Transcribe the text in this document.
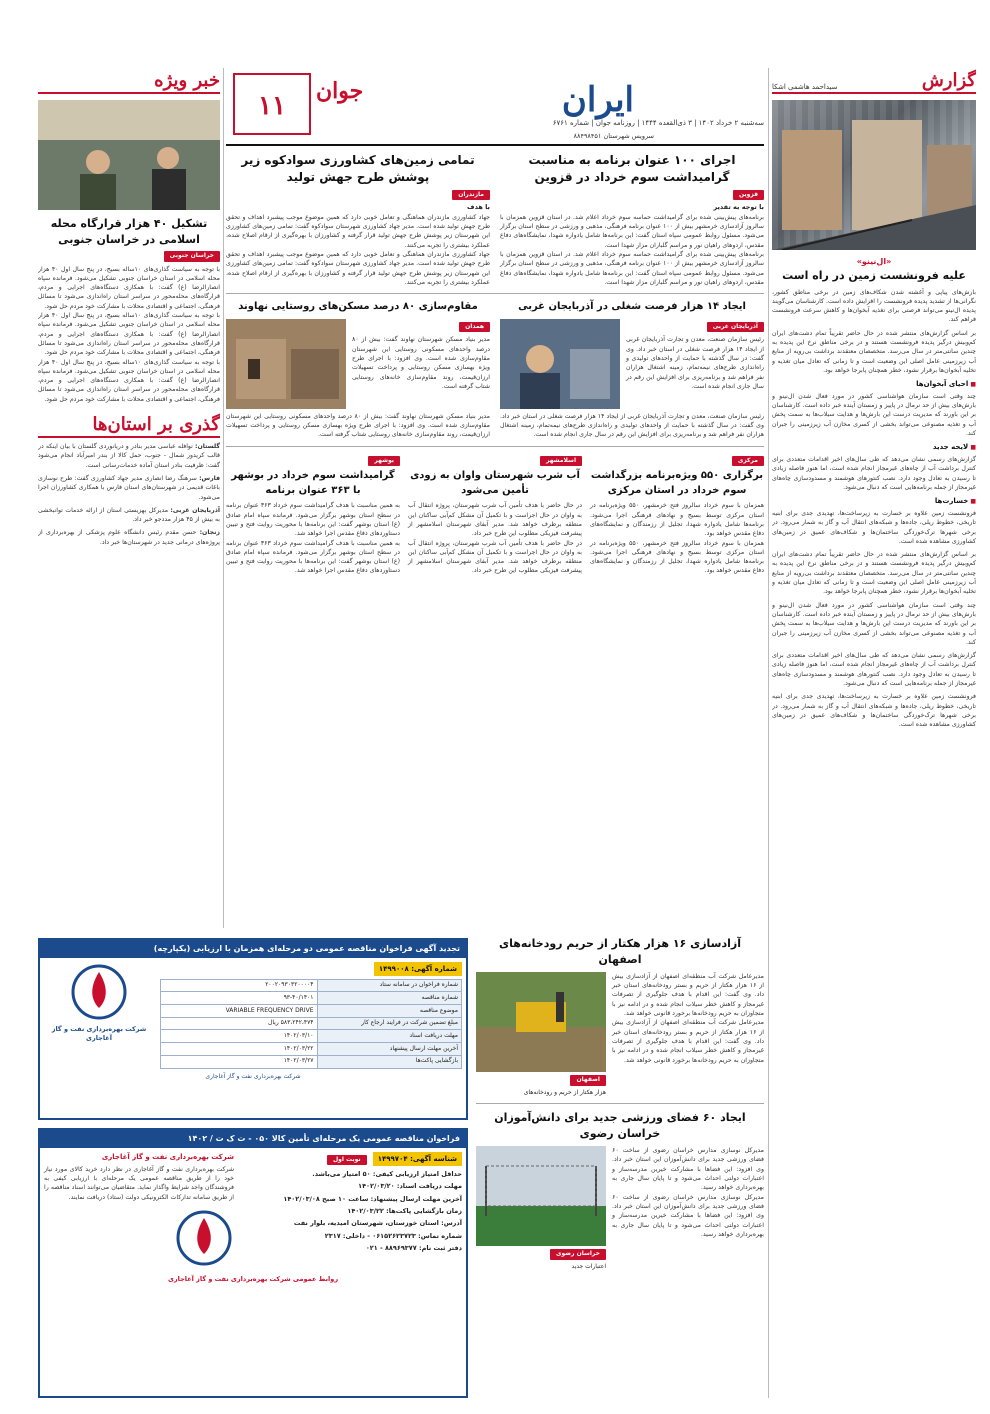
گزارش
سیداحمد هاشمی اشکا
«ال‌نینو»
علیه فرونشست زمین در راه است

بارش‌های پیاپی و آغشته شدن شکاف‌های زمین در برخی مناطق کشور، نگرانی‌ها از تشدید پدیده فرونشست را افزایش داده است. کارشناسان می‌گویند پدیده ال‌نینو می‌تواند فرصتی برای تغذیه آبخوان‌ها و کاهش سرعت فرونشست فراهم کند.

بر اساس گزارش‌های منتشر شده در حال حاضر تقریباً تمام دشت‌های ایران کم‌وبیش درگیر پدیده فرونشست هستند و در برخی مناطق نرخ این پدیده به چندین سانتی‌متر در سال می‌رسد. متخصصان معتقدند برداشت بی‌رویه از منابع آب زیرزمینی عامل اصلی این وضعیت است و تا زمانی که تعادل میان تغذیه و تخلیه آبخوان‌ها برقرار نشود، خطر همچنان پابرجا خواهد بود.

■ احیای آبخوان‌ها

چند وقتی است سازمان هواشناسی کشور در مورد فعال شدن ال‌نینو و بارش‌های بیش از حد نرمال در پاییز و زمستان آینده خبر داده است. کارشناسان بر این باورند که مدیریت درست این بارش‌ها و هدایت سیلاب‌ها به سمت پخش آب و تغذیه مصنوعی می‌تواند بخشی از کسری مخازن آب زیرزمینی را جبران کند.

■ لایحه جدید

گزارش‌های رسمی نشان می‌دهد که طی سال‌های اخیر اقدامات متعددی برای کنترل برداشت آب از چاه‌های غیرمجاز انجام شده است، اما هنوز فاصله زیادی تا رسیدن به تعادل وجود دارد. نصب کنتورهای هوشمند و مسدودسازی چاه‌های غیرمجاز از جمله برنامه‌هایی است که دنبال می‌شود.

■ خسارت‌ها

فرونشست زمین علاوه بر خسارت به زیرساخت‌ها، تهدیدی جدی برای ابنیه تاریخی، خطوط ریلی، جاده‌ها و شبکه‌های انتقال آب و گاز به شمار می‌رود. در برخی شهرها ترک‌خوردگی ساختمان‌ها و شکاف‌های عمیق در زمین‌های کشاورزی مشاهده شده است.

بر اساس گزارش‌های منتشر شده در حال حاضر تقریباً تمام دشت‌های ایران کم‌وبیش درگیر پدیده فرونشست هستند و در برخی مناطق نرخ این پدیده به چندین سانتی‌متر در سال می‌رسد. متخصصان معتقدند برداشت بی‌رویه از منابع آب زیرزمینی عامل اصلی این وضعیت است و تا زمانی که تعادل میان تغذیه و تخلیه آبخوان‌ها برقرار نشود، خطر همچنان پابرجا خواهد بود.

چند وقتی است سازمان هواشناسی کشور در مورد فعال شدن ال‌نینو و بارش‌های بیش از حد نرمال در پاییز و زمستان آینده خبر داده است. کارشناسان بر این باورند که مدیریت درست این بارش‌ها و هدایت سیلاب‌ها به سمت پخش آب و تغذیه مصنوعی می‌تواند بخشی از کسری مخازن آب زیرزمینی را جبران کند.

گزارش‌های رسمی نشان می‌دهد که طی سال‌های اخیر اقدامات متعددی برای کنترل برداشت آب از چاه‌های غیرمجاز انجام شده است، اما هنوز فاصله زیادی تا رسیدن به تعادل وجود دارد. نصب کنتورهای هوشمند و مسدودسازی چاه‌های غیرمجاز از جمله برنامه‌هایی است که دنبال می‌شود.

فرونشست زمین علاوه بر خسارت به زیرساخت‌ها، تهدیدی جدی برای ابنیه تاریخی، خطوط ریلی، جاده‌ها و شبکه‌های انتقال آب و گاز به شمار می‌رود. در برخی شهرها ترک‌خوردگی ساختمان‌ها و شکاف‌های عمیق در زمین‌های کشاورزی مشاهده شده است.

ایران
۱۱ جوان
سه‌شنبه ۲ خرداد ۱۴۰۲ | ۳ ذی‌القعده ۱۴۴۴ | روزنامه جوان | شماره ۶۷۶۱
سرویس شهرستان ۸۸۴۹۸۴۵۱
اجرای ۱۰۰ عنوان برنامه به مناسبت گرامیداشت سوم خرداد در قزوین
قزوین
با توجه به تقدیر

برنامه‌های پیش‌بینی شده برای گرامیداشت حماسه سوم خرداد اعلام شد. در استان قزوین همزمان با سالروز آزادسازی خرمشهر بیش از ۱۰۰ عنوان برنامه فرهنگی، مذهبی و ورزشی در سطح استان برگزار می‌شود. مسئول روابط عمومی سپاه استان گفت: این برنامه‌ها شامل یادواره شهدا، نمایشگاه‌های دفاع مقدس، اردوهای راهیان نور و مراسم گلباران مزار شهدا است.

برنامه‌های پیش‌بینی شده برای گرامیداشت حماسه سوم خرداد اعلام شد. در استان قزوین همزمان با سالروز آزادسازی خرمشهر بیش از ۱۰۰ عنوان برنامه فرهنگی، مذهبی و ورزشی در سطح استان برگزار می‌شود. مسئول روابط عمومی سپاه استان گفت: این برنامه‌ها شامل یادواره شهدا، نمایشگاه‌های دفاع مقدس، اردوهای راهیان نور و مراسم گلباران مزار شهدا است.

تمامی زمین‌های کشاورزی سوادکوه زیر پوشش طرح جهش تولید
مازندران
با هدف

جهاد کشاورزی مازندران هماهنگی و تعامل خوبی دارد که همین موضوع موجب پیشبرد اهداف و تحقق طرح جهش تولید شده است. مدیر جهاد کشاورزی شهرستان سوادکوه گفت: تمامی زمین‌های کشاورزی این شهرستان زیر پوشش طرح جهش تولید قرار گرفته و کشاورزان با بهره‌گیری از ارقام اصلاح شده، عملکرد بیشتری را تجربه می‌کنند.

جهاد کشاورزی مازندران هماهنگی و تعامل خوبی دارد که همین موضوع موجب پیشبرد اهداف و تحقق طرح جهش تولید شده است. مدیر جهاد کشاورزی شهرستان سوادکوه گفت: تمامی زمین‌های کشاورزی این شهرستان زیر پوشش طرح جهش تولید قرار گرفته و کشاورزان با بهره‌گیری از ارقام اصلاح شده، عملکرد بیشتری را تجربه می‌کنند.

ایجاد ۱۴ هزار فرصت شغلی در آذربایجان غربی
آذربایجان غربی

رئیس سازمان صنعت، معدن و تجارت آذربایجان غربی از ایجاد ۱۴ هزار فرصت شغلی در استان خبر داد. وی گفت: در سال گذشته با حمایت از واحدهای تولیدی و راه‌اندازی طرح‌های نیمه‌تمام، زمینه اشتغال هزاران نفر فراهم شد و برنامه‌ریزی برای افزایش این رقم در سال جاری انجام شده است.

رئیس سازمان صنعت، معدن و تجارت آذربایجان غربی از ایجاد ۱۴ هزار فرصت شغلی در استان خبر داد. وی گفت: در سال گذشته با حمایت از واحدهای تولیدی و راه‌اندازی طرح‌های نیمه‌تمام، زمینه اشتغال هزاران نفر فراهم شد و برنامه‌ریزی برای افزایش این رقم در سال جاری انجام شده است.

مقاوم‌سازی ۸۰ درصد مسکن‌های روستایی نهاوند
همدان

مدیر بنیاد مسکن شهرستان نهاوند گفت: بیش از ۸۰ درصد واحدهای مسکونی روستایی این شهرستان مقاوم‌سازی شده است. وی افزود: با اجرای طرح ویژه بهسازی مسکن روستایی و پرداخت تسهیلات ارزان‌قیمت، روند مقاوم‌سازی خانه‌های روستایی شتاب گرفته است.

مدیر بنیاد مسکن شهرستان نهاوند گفت: بیش از ۸۰ درصد واحدهای مسکونی روستایی این شهرستان مقاوم‌سازی شده است. وی افزود: با اجرای طرح ویژه بهسازی مسکن روستایی و پرداخت تسهیلات ارزان‌قیمت، روند مقاوم‌سازی خانه‌های روستایی شتاب گرفته است.

مرکزی
برگزاری ۵۵۰ ویژه‌برنامه بزرگداشت سوم خرداد در استان مرکزی

همزمان با سوم خرداد سالروز فتح خرمشهر، ۵۵۰ ویژه‌برنامه در استان مرکزی توسط بسیج و نهادهای فرهنگی اجرا می‌شود. برنامه‌ها شامل یادواره شهدا، تجلیل از رزمندگان و نمایشگاه‌های دفاع مقدس خواهد بود.

همزمان با سوم خرداد سالروز فتح خرمشهر، ۵۵۰ ویژه‌برنامه در استان مرکزی توسط بسیج و نهادهای فرهنگی اجرا می‌شود. برنامه‌ها شامل یادواره شهدا، تجلیل از رزمندگان و نمایشگاه‌های دفاع مقدس خواهد بود.

اسلامشهر
آب شرب شهرستان واوان به زودی تأمین می‌شود

در حال حاضر با هدف تأمین آب شرب شهرستان، پروژه انتقال آب به واوان در حال اجراست و با تکمیل آن مشکل کم‌آبی ساکنان این منطقه برطرف خواهد شد. مدیر آبفای شهرستان اسلامشهر از پیشرفت فیزیکی مطلوب این طرح خبر داد.

در حال حاضر با هدف تأمین آب شرب شهرستان، پروژه انتقال آب به واوان در حال اجراست و با تکمیل آن مشکل کم‌آبی ساکنان این منطقه برطرف خواهد شد. مدیر آبفای شهرستان اسلامشهر از پیشرفت فیزیکی مطلوب این طرح خبر داد.

بوشهر
گرامیداشت سوم خرداد در بوشهر با ۳۶۳ عنوان برنامه

به همین مناسبت با هدف گرامیداشت سوم خرداد ۳۶۳ عنوان برنامه در سطح استان بوشهر برگزار می‌شود. فرمانده سپاه امام صادق (ع) استان بوشهر گفت: این برنامه‌ها با محوریت روایت فتح و تبیین دستاوردهای دفاع مقدس اجرا خواهد شد.

به همین مناسبت با هدف گرامیداشت سوم خرداد ۳۶۳ عنوان برنامه در سطح استان بوشهر برگزار می‌شود. فرمانده سپاه امام صادق (ع) استان بوشهر گفت: این برنامه‌ها با محوریت روایت فتح و تبیین دستاوردهای دفاع مقدس اجرا خواهد شد.

خبر ویژه
تشکیل ۴۰ هزار قرارگاه محله اسلامی در خراسان جنوبی
خراسان جنوبی

با توجه به سیاست گذاری‌های ۱۰ساله بسیج، در پنج سال اول ۴۰ هزار محله اسلامی در استان خراسان جنوبی تشکیل می‌شود. فرمانده سپاه انصارالرضا (ع) گفت: با همکاری دستگاه‌های اجرایی و مردم، قرارگاه‌های محله‌محور در سراسر استان راه‌اندازی می‌شود تا مسائل فرهنگی، اجتماعی و اقتصادی محلات با مشارکت خود مردم حل شود.

با توجه به سیاست گذاری‌های ۱۰ساله بسیج، در پنج سال اول ۴۰ هزار محله اسلامی در استان خراسان جنوبی تشکیل می‌شود. فرمانده سپاه انصارالرضا (ع) گفت: با همکاری دستگاه‌های اجرایی و مردم، قرارگاه‌های محله‌محور در سراسر استان راه‌اندازی می‌شود تا مسائل فرهنگی، اجتماعی و اقتصادی محلات با مشارکت خود مردم حل شود.

با توجه به سیاست گذاری‌های ۱۰ساله بسیج، در پنج سال اول ۴۰ هزار محله اسلامی در استان خراسان جنوبی تشکیل می‌شود. فرمانده سپاه انصارالرضا (ع) گفت: با همکاری دستگاه‌های اجرایی و مردم، قرارگاه‌های محله‌محور در سراسر استان راه‌اندازی می‌شود تا مسائل فرهنگی، اجتماعی و اقتصادی محلات با مشارکت خود مردم حل شود.

گذری بر استان‌ها

گلستان: نوافله عباسی مدیر بنادر و دریانوردی گلستان با بیان اینکه در قالب کریدور شمال - جنوب، حمل کالا از بندر امیرآباد انجام می‌شود گفت: ظرفیت بنادر استان آماده خدمات‌رسانی است.

فارس: سرهنگ رضا انصاری مدیر جهاد کشاورزی گفت: طرح نوسازی باغات قدیمی در شهرستان‌های استان فارس با همکاری کشاورزان اجرا می‌شود.

آذربایجان غربی: مدیرکل بهزیستی استان از ارائه خدمات توانبخشی به بیش از ۴۵ هزار مددجو خبر داد.

زنجان: حسن مقدم رئیس دانشگاه علوم پزشکی از بهره‌برداری از پروژه‌های درمانی جدید در شهرستان‌ها خبر داد.

تجدید آگهی فراخوان مناقصه عمومی دو مرحله‌ای همزمان با ارزیابی (یکپارچه)
شماره آگهی: ۱۴۹۹۰۰۸
شماره فراخوان در سامانه ستاد	۲۰۰۲۰۹۳۰۳۲۰۰۰۰۴
شماره مناقصه	۹۳-۴۰/۱۴۰۱
موضوع مناقصه	VARIABLE FREQUENCY DRIVE
مبلغ تضمین شرکت در فرایند ارجاع کار	۵۸۳،۲۴۲،۴۷۴ ریال
مهلت دریافت اسناد	۱۴۰۲/۰۳/۱۰
آخرین مهلت ارسال پیشنهاد	۱۴۰۲/۰۳/۲۲
بازگشایی پاکت‌ها	۱۴۰۲/۰۳/۲۷
شرکت بهره‌برداری نفت و گاز آغاجاری
شرکت بهره‌برداری نفت و گاز آغاجاری
فراخوان مناقصه عمومی یک مرحله‌ای تأمین کالا ۰۵۰ - ت ک ت / ۱۴۰۲
شناسه آگهی: ۱۴۹۹۷۰۴ نوبت اول
حداقل امتیاز ارزیابی کیفی: ۵۰ امتیاز می‌باشد.
مهلت دریافت اسناد: ۱۴۰۲/۰۳/۲۰
آخرین مهلت ارسال پیشنهاد: ساعت ۱۰ صبح ۱۴۰۲/۰۳/۰۸
زمان بازگشایی پاکت‌ها: ۱۴۰۲/۰۳/۲۲
آدرس: استان خوزستان، شهرستان امیدیه، بلوار نفت
شماره تماس: ۰۶۱۵۲۶۲۳۷۲۳ - داخلی: ۲۳۱۷
دفتر ثبت نام: ۸۸۹۶۹۳۷۷ - ۰۲۱
شرکت بهره‌برداری نفت و گاز آغاجاری

شرکت بهره‌برداری نفت و گاز آغاجاری در نظر دارد خرید کالای مورد نیاز خود را از طریق مناقصه عمومی یک مرحله‌ای با ارزیابی کیفی به فروشندگان واجد شرایط واگذار نماید. متقاضیان می‌توانند اسناد مناقصه را از طریق سامانه تدارکات الکترونیکی دولت (ستاد) دریافت نمایند.

روابط عمومی شرکت بهره‌برداری نفت و گاز آغاجاری
آزادسازی ۱۶ هزار هکتار از حریم رودخانه‌های اصفهان

مدیرعامل شرکت آب منطقه‌ای اصفهان از آزادسازی بیش از ۱۶ هزار هکتار از حریم و بستر رودخانه‌های استان خبر داد. وی گفت: این اقدام با هدف جلوگیری از تصرفات غیرمجاز و کاهش خطر سیلاب انجام شده و در ادامه نیز با متجاوزان به حریم رودخانه‌ها برخورد قانونی خواهد شد.

مدیرعامل شرکت آب منطقه‌ای اصفهان از آزادسازی بیش از ۱۶ هزار هکتار از حریم و بستر رودخانه‌های استان خبر داد. وی گفت: این اقدام با هدف جلوگیری از تصرفات غیرمجاز و کاهش خطر سیلاب انجام شده و در ادامه نیز با متجاوزان به حریم رودخانه‌ها برخورد قانونی خواهد شد.

اصفهان
هزار هکتار از حریم و رودخانه‌های
ایجاد ۶۰ فضای ورزشی جدید برای دانش‌آموزان خراسان رضوی

مدیرکل نوسازی مدارس خراسان رضوی از ساخت ۶۰ فضای ورزشی جدید برای دانش‌آموزان این استان خبر داد. وی افزود: این فضاها با مشارکت خیرین مدرسه‌ساز و اعتبارات دولتی احداث می‌شود و تا پایان سال جاری به بهره‌برداری خواهد رسید.

مدیرکل نوسازی مدارس خراسان رضوی از ساخت ۶۰ فضای ورزشی جدید برای دانش‌آموزان این استان خبر داد. وی افزود: این فضاها با مشارکت خیرین مدرسه‌ساز و اعتبارات دولتی احداث می‌شود و تا پایان سال جاری به بهره‌برداری خواهد رسید.

خراسان رضوی
اعتبارات جدید
